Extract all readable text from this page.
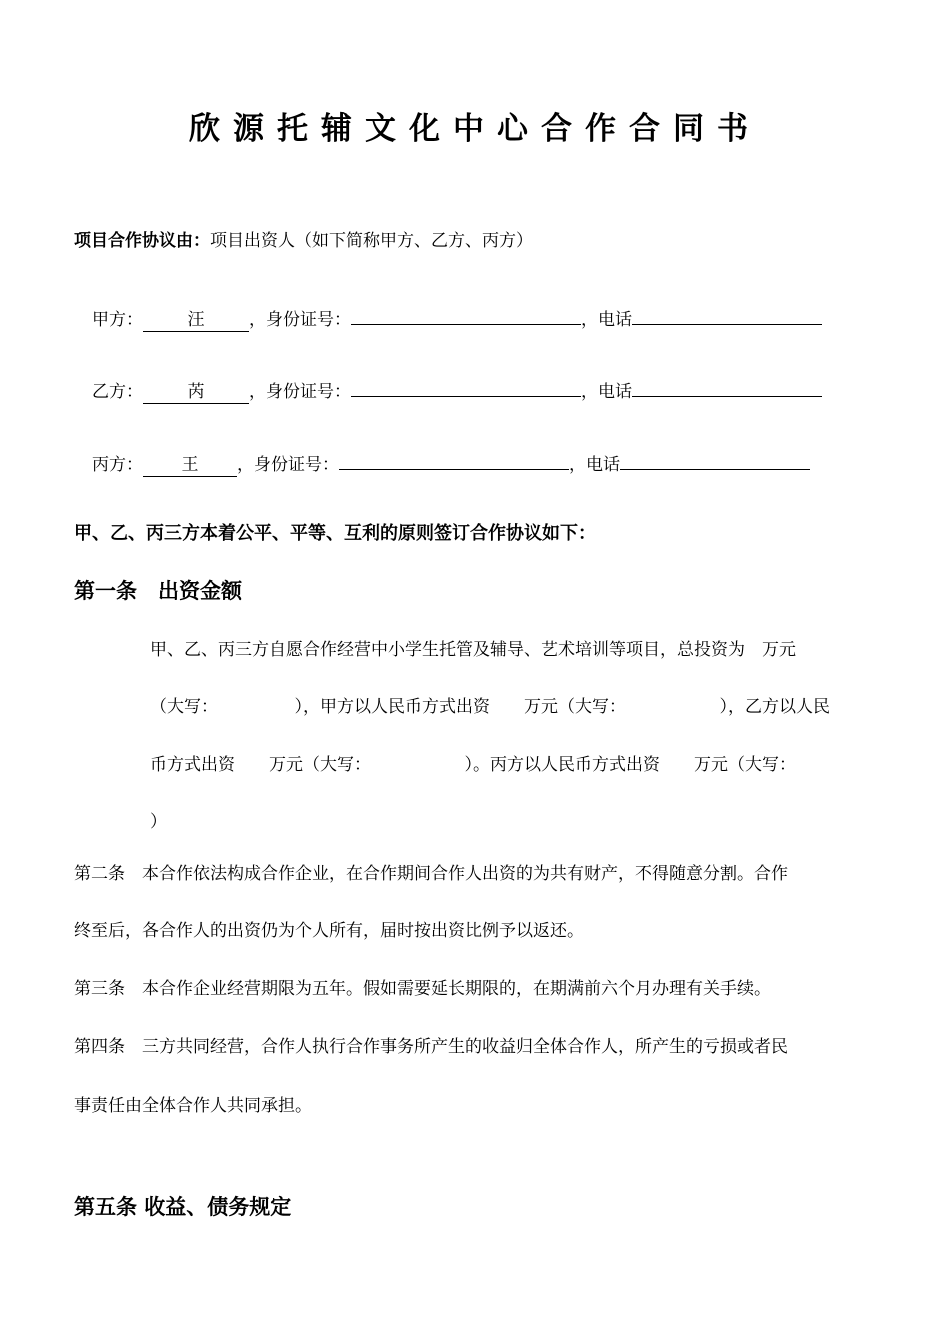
欣源托辅文化中心合作合同书
项目合作协议由：项目出资人（如下简称甲方、乙方、丙方）
甲方：	汪	，身份证号：	，电话
乙方：	芮	，身份证号：	，电话
丙方： 王 ，身份证号：	，电话
甲、乙、丙三方本着公平、平等、互利的原则签订合作协议如下：
第一条　出资金额
甲、乙、丙三方自愿合作经营中小学生托管及辅导、艺术培训等项目，总投资为　万元
（大写：　　　　　），甲方以人民币方式出资　　万元（大写：　　　　　　），乙方以人民
币方式出资　　万元（大写：　　　　　　）。丙方以人民币方式出资　　万元（大写：
）
第二条　本合作依法构成合作企业，在合作期间合作人出资的为共有财产，不得随意分割。合作
终至后，各合作人的出资仍为个人所有，届时按出资比例予以返还。
第三条　本合作企业经营期限为五年。假如需要延长期限的，在期满前六个月办理有关手续。
第四条　三方共同经营，合作人执行合作事务所产生的收益归全体合作人，所产生的亏损或者民
事责任由全体合作人共同承担。
第五条 收益、债务规定
